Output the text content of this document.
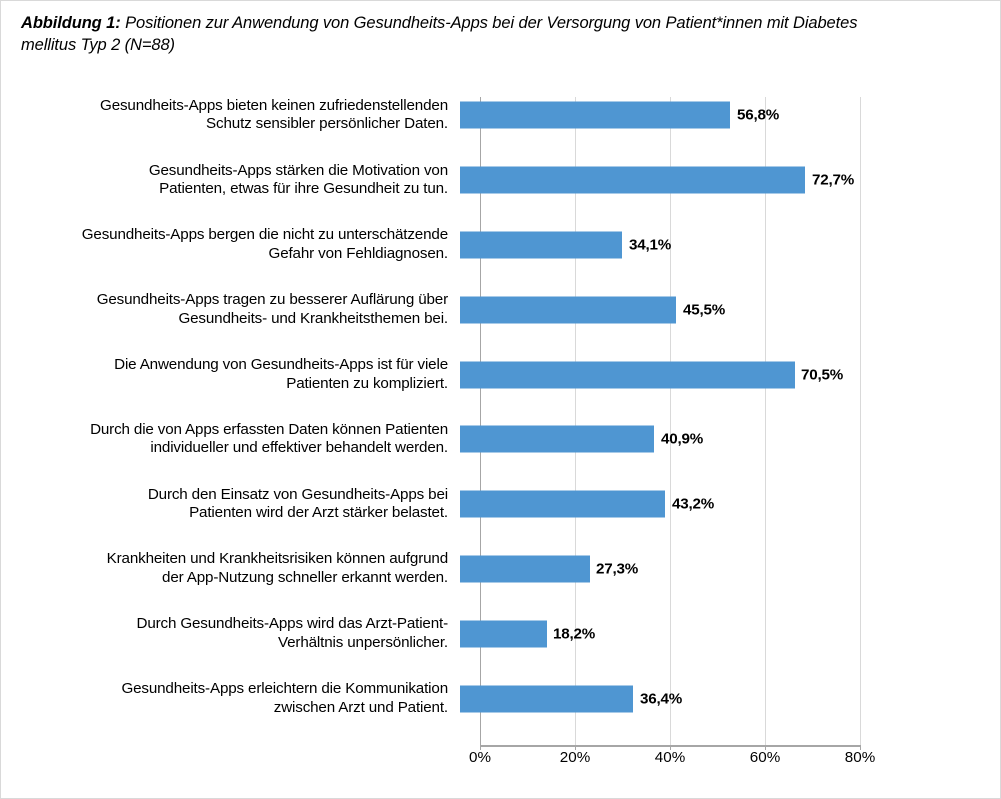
Abbildung 1: Positionen zur Anwendung von Gesundheits-Apps bei der Versorgung von Patient*innen mit Diabetes mellitus Typ 2 (N=88)
Gesundheits-Apps bieten keinen zufriedenstellenden
Schutz sensibler persönlicher Daten.	56,8%
Gesundheits-Apps stärken die Motivation von
Patienten, etwas für ihre Gesundheit zu tun.	72,7%
Gesundheits-Apps bergen die nicht zu unterschätzende
Gefahr von Fehldiagnosen.	34,1%
Gesundheits-Apps tragen zu besserer Auflärung über
Gesundheits- und Krankheitsthemen bei.	45,5%
Die Anwendung von Gesundheits-Apps ist für viele
Patienten zu kompliziert.	70,5%
Durch die von Apps erfassten Daten können Patienten
individueller und effektiver behandelt werden.	40,9%
Durch den Einsatz von Gesundheits-Apps bei
Patienten wird der Arzt stärker belastet.	43,2%
Krankheiten und Krankheitsrisiken können aufgrund
der App-Nutzung schneller erkannt werden.	27,3%
Durch Gesundheits-Apps wird das Arzt-Patient-
Verhältnis unpersönlicher.	18,2%
Gesundheits-Apps erleichtern die Kommunikation
zwischen Arzt und Patient.	36,4%
0%	20%	40%	60%	80%
